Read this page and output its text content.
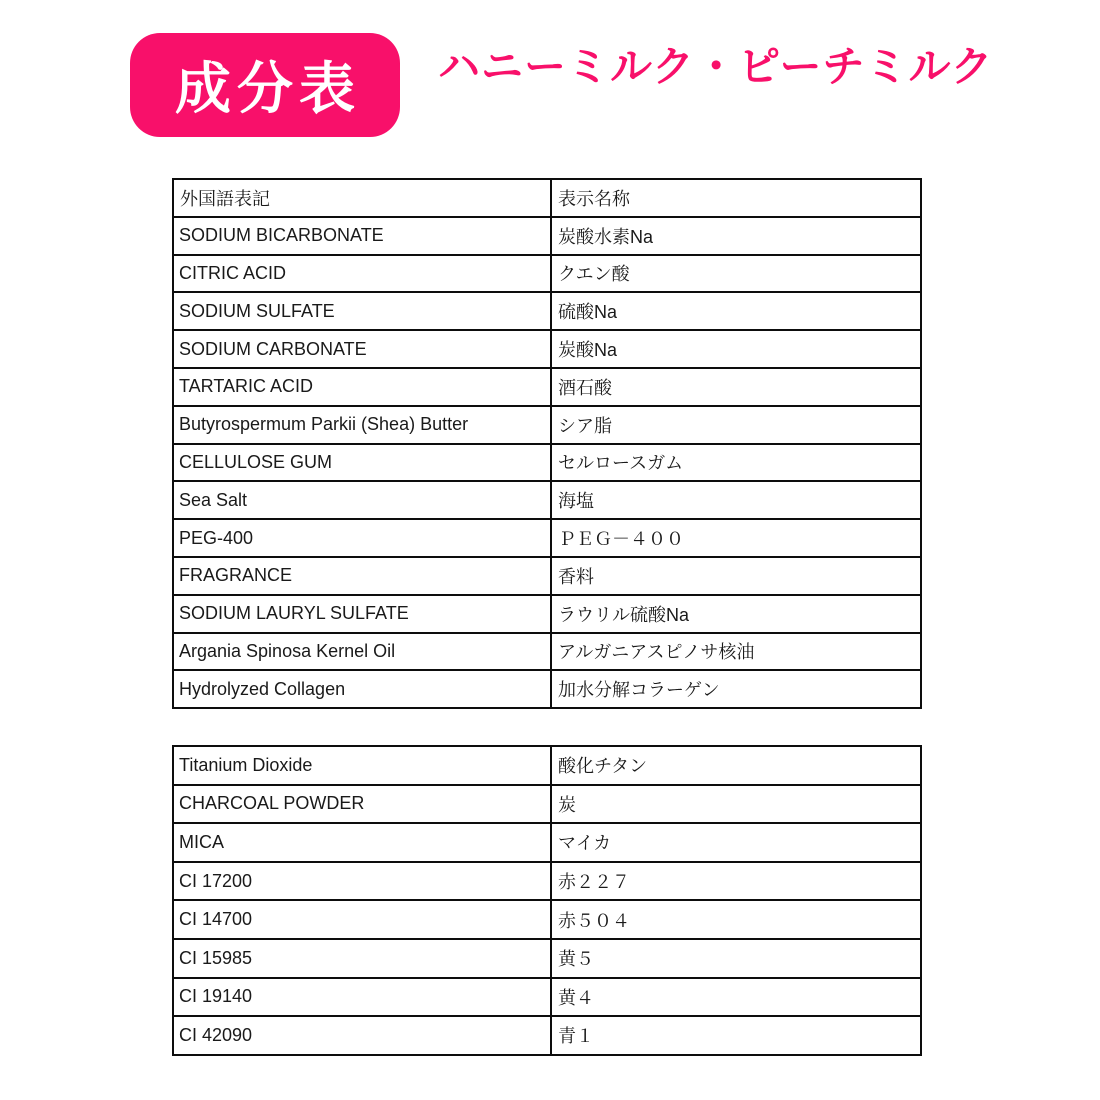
成分表	ハニーミルク・ピーチミルク
外国語表記	表示名称
SODIUM BICARBONATE	炭酸水素Na
CITRIC ACID	クエン酸
SODIUM SULFATE	硫酸Na
SODIUM CARBONATE	炭酸Na
TARTARIC ACID	酒石酸
Butyrospermum Parkii (Shea) Butter	シア脂
CELLULOSE GUM	セルロースガム
Sea Salt	海塩
PEG-400	ＰＥＧ－４００
FRAGRANCE	香料
SODIUM LAURYL SULFATE	ラウリル硫酸Na
Argania Spinosa Kernel Oil	アルガニアスピノサ核油
Hydrolyzed Collagen	加水分解コラーゲン
Titanium Dioxide	酸化チタン
CHARCOAL POWDER	炭
MICA	マイカ
CI 17200	赤２２７
CI 14700	赤５０４
CI 15985	黄５
CI 19140	黄４
CI 42090	青１
